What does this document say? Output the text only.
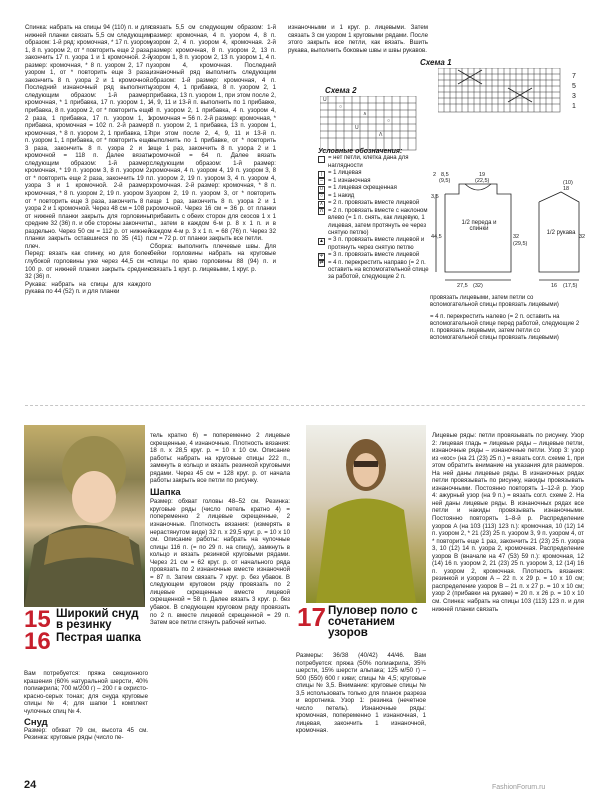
Спинка: набрать на спицы 94 (110) п. и для нижней планки связать 5,5 см следующим образом: 1-й ряд: кромочная, * 17 п. узором 1, 8 п. узором 2, от * повторить еще 2 раза, закончить 17 п. узора 1 и 1 кромочной. 2-й размер: кромочная, * 8 п. узором 2, 17 п. узором 1, от * повторить еще 3 раза, закончить 8 п. узора 2 и 1 кромочной. Последний изнаночный ряд выполнить следующим образом: 1-й размер: кромочная, * 1 прибавка, 17 п. узором 1, 1 прибавка, 8 п. узором 2, от * повторить еще 2 раза, 1 прибавка, 17 п. узором 1, 1 прибавка, кромочная = 102 п. 2-й размер: кромочная, * 8 п. узором 2, 1 прибавка, 17 п. узором 1, 1 прибавка, от * повторить еще 3 раза, закончить 8 п. узора 2 и 1 кромочной = 118 п. Далее вязать следующим образом: 1-й размер: кромочная, * 19 п. узором 3, 8 п. узором 2, от * повторить еще 2 раза, закончить 19 п. узора 3 и 1 кромочной. 2-й размер: кромочная, * 8 п. узором 2, 19 п. узором 3, от * повторить еще 3 раза, закончить 8 п. узора 2 и 1 кромочной. Через 48 см = 108 р. от нижней планки закрыть для горловины средние 32 (36) п. и обе стороны закончить раздельно. Через 50 см = 112 р. от нижней планки закрыть оставшиеся по 35 (41) п. плеч.

Перед: вязать как спинку, но для более глубокой горловины уже через 44,5 см = 100 р. от нижней планки закрыть средние 32 (36) п.

Рукава: набрать на спицы для каждого рукава по 44 (52) п. и для планки

связать 5,5 см следующим образом: 1-й размер: кромочная, 4 п. узором 4, 8 п. узором 2, 4 п. узором 4, кромочная. 2-й размер: кромочная, 8 п. узором 2, 13 п. узором 1, 8 п. узором 2, 13 п. узором 1, 4 п. узором 4, кромочная. Последний изнаночный ряд выполнить следующим образом: 1-й размер: кромочная, 4 п. узором 4, 1 прибавка, 8 п. узором 2, 1 прибавка, 13 п. узором 1, при этом после 2, 4, 9, 11 и 13-й п. выполнить по 1 прибавке, 8 п. узором 2, 1 прибавка, 4 п. узором 4, кромочная = 56 п. 2-й размер: кромочная, * 8 п. узором 2, 1 прибавка, 13 п. узором 1, при этом после 2, 4, 9, 11 и 13-й п. выполнить по 1 прибавке, от * повторить еще 1 раз, закончить 8 п. узора 2 и 1 кромочной = 64 п. Далее вязать следующим образом: 1-й размер: кромочная, 4 п. узором 4, 19 п. узором 3, 8 п. узором 2, 19 п. узором 3, 4 п. узором 4, кромочная. 2-й размер: кромочная, * 8 п. узором 2, 19 п. узором 3, от * повторить еще 1 раз, закончить 8 п. узора 2 и 1 кромочной. Через 16 см = 36 р. от планки прибавить с обеих сторон для скосов 1 x 1 п., затем в каждом 6-м р. 8 x 1 п. и в каждом 4-м р. 3 x 1 п. = 68 (76) п. Через 32 см = 72 р. от планки закрыть все петли.

Сборка: выполнить плечевые швы. Для бейки горловины набрать на круговые спицы по краю горловины 88 (94) п. и связать 1 круг. р. лицевыми, 1 круг. р.

изнаночными и 1 круг. р. лицевыми. Затем связать 3 см узором 1 круговыми рядами. После этого закрыть все петли, как вязать. Вшить рукава, выполнить боковые швы и швы рукавов.

Схема 1
Схема 2
U
○
∧
○
U
Λ
7
5
3
1
Условные обозначения:
= нет петли, клетка дана для наглядности
| = 1 лицевая
– = 1 изнаночная
∪ = 1 лицевая скрещенная
○ = 1 накид
∧ = 2 п. провязать вместе лицевой
Λ = 2 п. провязать вместе с наклоном влево (= 1 п. снять, как лицевую, 1 лицевая, затем протянуть ее через снятую петлю)
▲ = 3 п. провязать вместе лицевой и протянуть через снятую петлю
Ψ = 3 п. провязать вместе лицевой
⇄ = 4 п. перекрестить направо (= 2 п. оставить на вспомогательной спице за работой, следующие 2 п.
1/2 переда и спинки
1/2 рукава
2 8,5
(9,5)
19
(22,5)
3,5
44,5	32
(29,5)
27,5 (32)	16 (17,5)
(10)
18
32

провязать лицевыми, затем петли со вспомогательной спицы провязать лицевыми)

= 4 п. перекрестить налево (= 2 п. оставить на вспомогательной спице перед работой, следующие 2 п. провязать лицевыми, затем петли со вспомогательной спицы провязать лицевыми)

15
16
Широкий снуд в резинку
Пестрая шапка
17 Пуловер поло с сочетанием узоров

Вам потребуется: пряжа секционного крашения (60% натуральной шерсти, 40% полиакрила; 700 м/200 г) – 200 г в охристо-красно-серых тонах; для снуда круговые спицы № 4; для шапки 1 комплект чулочных спиц № 4.

Снуд

Размер: обхват 79 см, высота 45 см. Резинка: круговые ряды (число пе-

тель кратно 6) = попеременно 2 лицевые скрещенные, 4 изнаночные. Плотность вязания: 18 п. x 28,5 круг. р. = 10 x 10 см. Описание работы: набрать на круговые спицы 222 п., замкнуть в кольцо и вязать резинкой круговыми рядами. Через 45 см = 128 круг. р. от начала работы закрыть все петли по рисунку.

Шапка

Размер: обхват головы 48–52 см. Резинка: круговые ряды (число петель кратно 4) = попеременно 2 лицевые скрещенные, 2 изнаночные. Плотность вязания: (измерять в нерастянутом виде) 32 п. x 29,5 круг. р. = 10 x 10 см. Описание работы: набрать на чулочные спицы 116 п. (= по 29 п. на спицу), замкнуть в кольцо и вязать резинкой круговыми рядами. Через 21 см = 62 круг. р. от начального ряда провязать по 2 изнаночные вместе изнаночной = 87 п. Затем связать 7 круг. р. без убавок. В следующем круговом ряду провязать по 2 лицевые скрещенные вместе лицевой скрещенной = 58 п. Далее вязать 3 круг. р. без убавок. В следующем круговом ряду провязать по 2 п. вместе лицевой скрещенной = 29 п. Затем все петли стянуть рабочей нитью.

Размеры: 36/38 (40/42) 44/46. Вам потребуется: пряжа (50% полиакрила, 35% шерсти, 15% шерсти альпака; 125 м/50 г) – 500 (550) 600 г киви; спицы № 4,5; круговые спицы № 3,5. Внимание: круговые спицы № 3,5 использовать только для планок разреза и воротника. Узор 1: резинка (нечетное число петель). Изнаночные ряды: кромочная, попеременно 1 изнаночная, 1 лицевая, закончить 1 изнаночной, кромочная.

Лицевые ряды: петли провязывать по рисунку. Узор 2: лицевая гладь = лицевые ряды – лицевые петли, изнаночные ряды – изнаночные петли. Узор 3: узор из «кос» (на 21 (23) 25 п.) = вязать согл. схеме 1, при этом обратить внимание на указания для размеров. На ней даны лицевые ряды. В изнаночных рядах петли провязывать по рисунку, накиды провязывать изнаночными. Постоянно повторять 1–12-й р. Узор 4: ажурный узор (на 9 п.) = вязать согл. схеме 2. На ней даны лицевые ряды. В изнаночных рядах все петли и накиды провязывать изнаночными. Постоянно повторять 1–8-й р. Распределение узоров А (на 103 (113) 123 п.): кромочная, 10 (12) 14 п. узором 2, * 21 (23) 25 п. узором 3, 9 п. узором 4, от * повторить еще 1 раз, закончить 21 (23) 25 п. узора 3, 10 (12) 14 п. узора 2, кромочная. Распределение узоров В (вначале на 47 (53) 59 п.): кромочная, 12 (14) 16 п. узором 2, 21 (23) 25 п. узором 3, 12 (14) 16 п. узором 2, кромочная. Плотность вязания: резинкой и узором A – 22 п. x 29 р. = 10 x 10 см; распределение узоров В – 21 п. x 27 р. = 10 x 10 см; узор 2 (прибавки на рукаве) = 20 п. x 26 р. = 10 x 10 см. Спинка: набрать на спицы 103 (113) 123 п. и для нижней планки связать

24	FashionForum.ru
